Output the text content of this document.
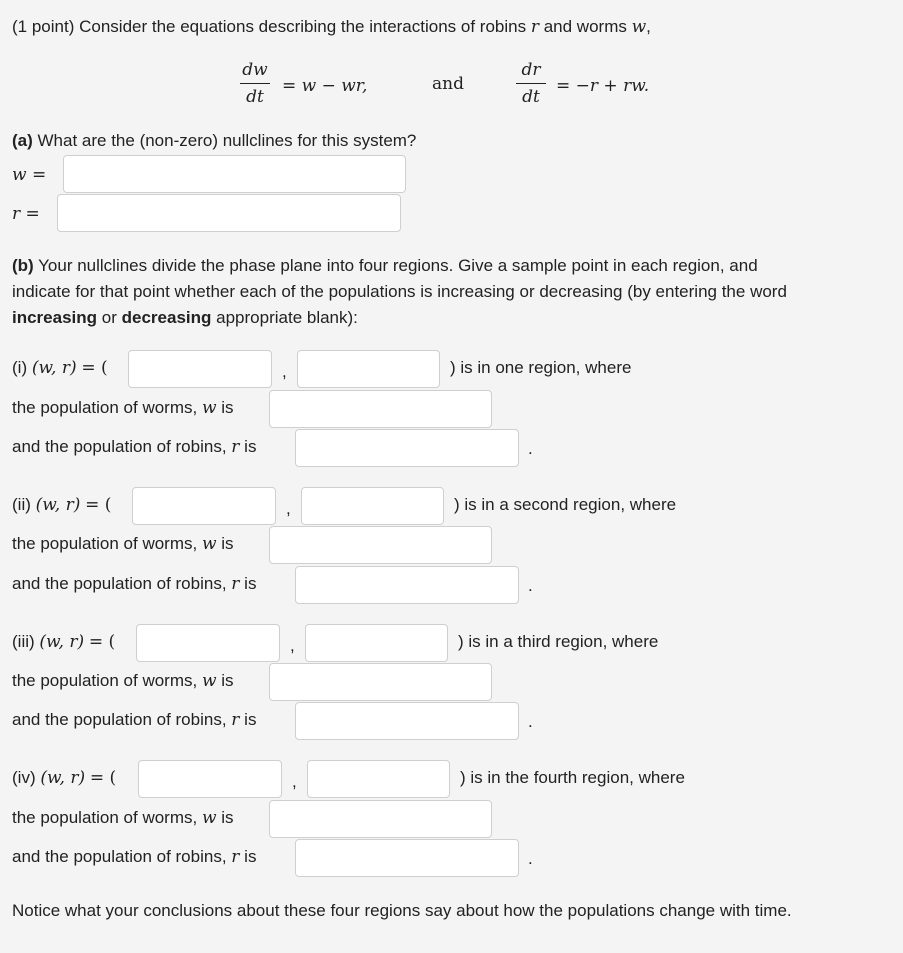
(1 point) Consider the equations describing the interactions of robins r and worms w,
dw
dt
= w − wr,	and
dr
dt
= −r + rw.
(a) What are the (non-zero) nullclines for this system?
w =
r =
(b) Your nullclines divide the phase plane into four regions. Give a sample point in each region, and
indicate for that point whether each of the populations is increasing or decreasing (by entering the word
increasing or decreasing appropriate blank):
(i) (w, r) = (	,	) is in one region, where
the population of worms, w is
and the population of robins, r is	.
(ii) (w, r) = (	,	) is in a second region, where
the population of worms, w is
and the population of robins, r is	.
(iii) (w, r) = (	,	) is in a third region, where
the population of worms, w is
and the population of robins, r is	.
(iv) (w, r) = (	,	) is in the fourth region, where
the population of worms, w is
and the population of robins, r is	.
Notice what your conclusions about these four regions say about how the populations change with time.
